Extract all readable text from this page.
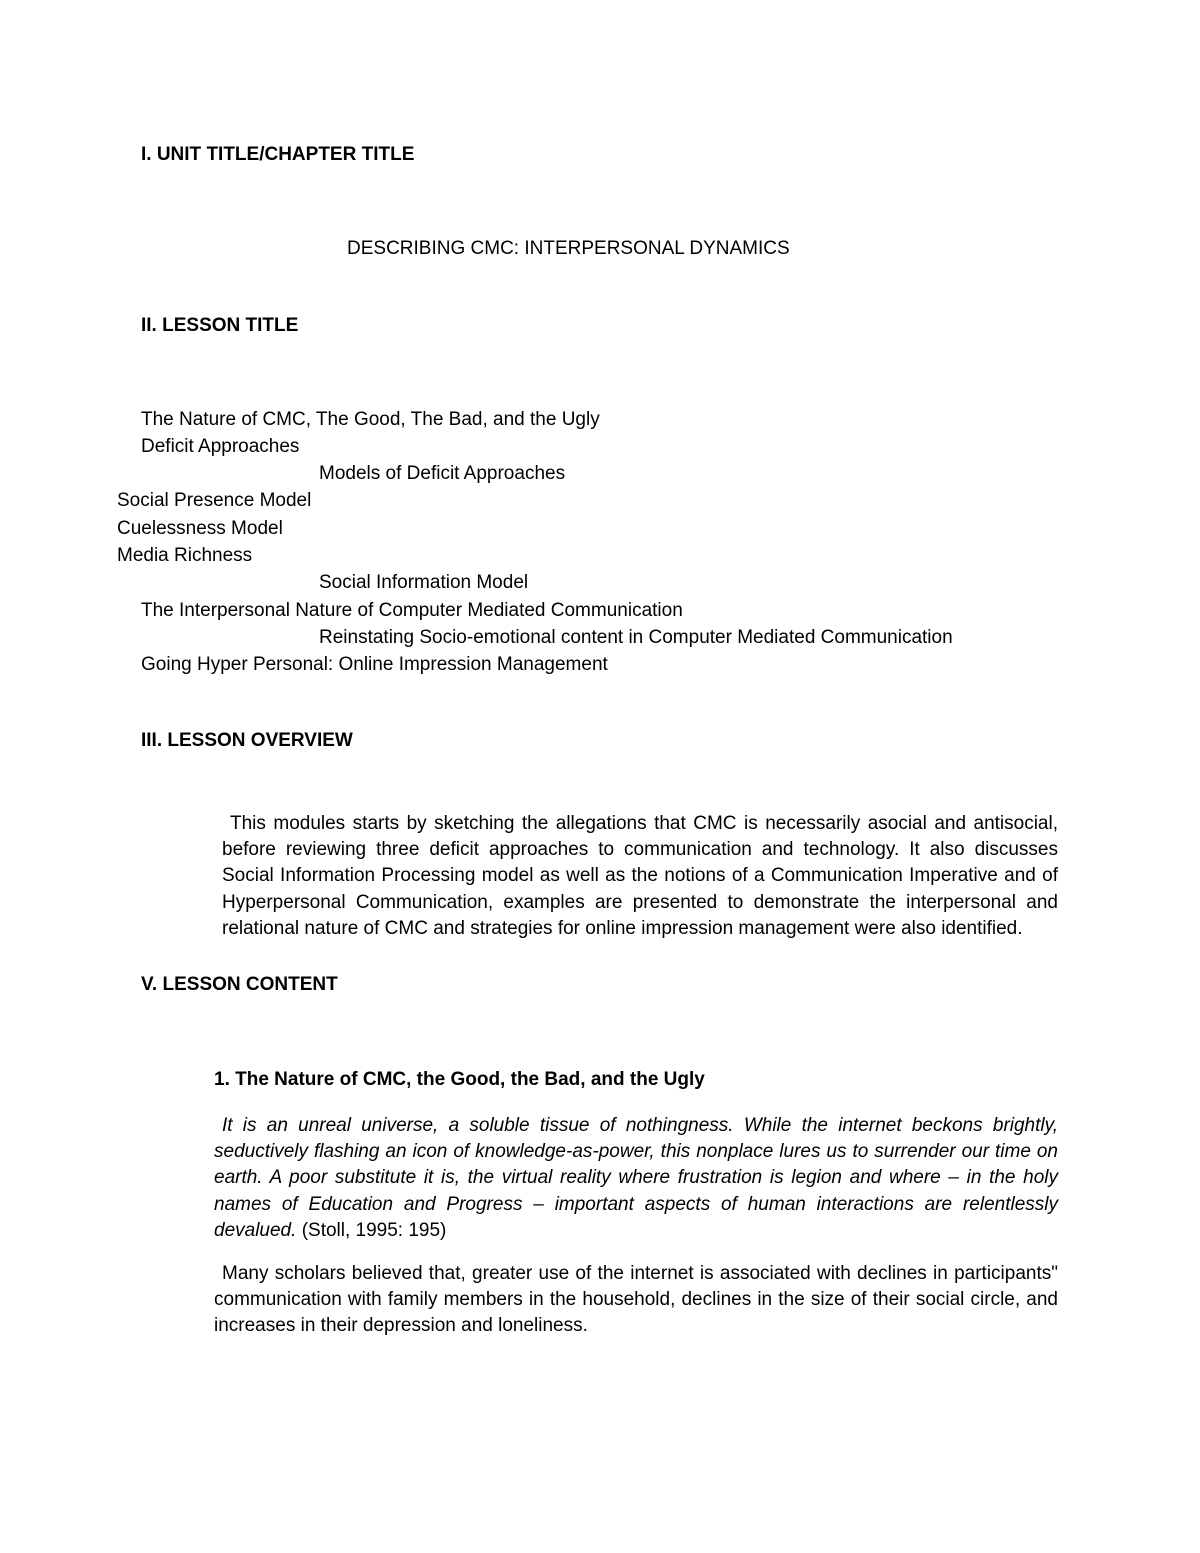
I. UNIT TITLE/CHAPTER TITLE
DESCRIBING CMC: INTERPERSONAL DYNAMICS
II. LESSON TITLE
The Nature of CMC, The Good, The Bad, and the Ugly
Deficit Approaches
Models of Deficit Approaches
Social Presence Model
Cuelessness Model
Media Richness
Social Information Model
The Interpersonal Nature of Computer Mediated Communication
Reinstating Socio-emotional content in Computer Mediated Communication
Going Hyper Personal: Online Impression Management
III. LESSON OVERVIEW
This modules starts by sketching the allegations that CMC is necessarily asocial and antisocial, before reviewing three deficit approaches to communication and technology. It also discusses Social Information Processing model as well as the notions of a Communication Imperative and of Hyperpersonal Communication, examples are presented to demonstrate the interpersonal and relational nature of CMC and strategies for online impression management were also identified.
V. LESSON CONTENT
1. The Nature of CMC, the Good, the Bad, and the Ugly
It is an unreal universe, a soluble tissue of nothingness. While the internet beckons brightly, seductively flashing an icon of knowledge-as-power, this nonplace lures us to surrender our time on earth. A poor substitute it is, the virtual reality where frustration is legion and where – in the holy names of Education and Progress – important aspects of human interactions are relentlessly devalued. (Stoll, 1995: 195)
Many scholars believed that, greater use of the internet is associated with declines in participants" communication with family members in the household, declines in the size of their social circle, and increases in their depression and loneliness.
